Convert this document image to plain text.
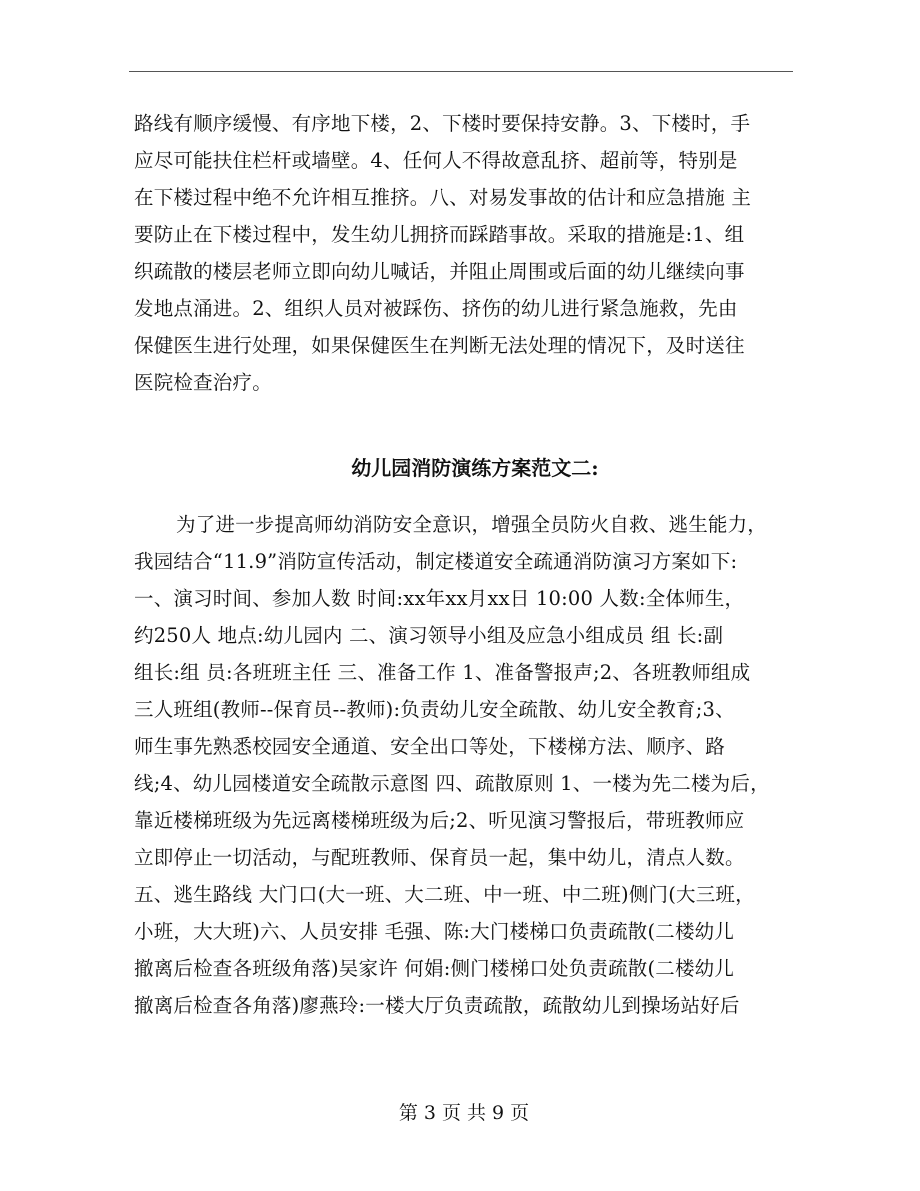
路线有顺序缓慢、有序地下楼，2、下楼时要保持安静。3、下楼时，手
应尽可能扶住栏杆或墙壁。4、任何人不得故意乱挤、超前等，特别是
在下楼过程中绝不允许相互推挤。八、对易发事故的估计和应急措施 主
要防止在下楼过程中，发生幼儿拥挤而踩踏事故。采取的措施是:1、组
织疏散的楼层老师立即向幼儿喊话，并阻止周围或后面的幼儿继续向事
发地点涌进。2、组织人员对被踩伤、挤伤的幼儿进行紧急施救，先由
保健医生进行处理，如果保健医生在判断无法处理的情况下，及时送往
医院检查治疗。
幼儿园消防演练方案范文二:
为了进一步提高师幼消防安全意识，增强全员防火自救、逃生能力，
我园结合“11.9”消防宣传活动，制定楼道安全疏通消防演习方案如下:
一、演习时间、参加人数 时间:xx年xx月xx日 10:00 人数:全体师生，
约250人 地点:幼儿园内 二、演习领导小组及应急小组成员 组 长:副
组长:组 员:各班班主任 三、准备工作 1、准备警报声;2、各班教师组成
三人班组(教师--保育员--教师):负责幼儿安全疏散、幼儿安全教育;3、
师生事先熟悉校园安全通道、安全出口等处，下楼梯方法、顺序、路
线;4、幼儿园楼道安全疏散示意图 四、疏散原则 1、一楼为先二楼为后，
靠近楼梯班级为先远离楼梯班级为后;2、听见演习警报后，带班教师应
立即停止一切活动，与配班教师、保育员一起，集中幼儿，清点人数。
五、逃生路线 大门口(大一班、大二班、中一班、中二班)侧门(大三班，
小班，大大班)六、人员安排 毛强、陈:大门楼梯口负责疏散(二楼幼儿
撤离后检查各班级角落)吴家许 何娟:侧门楼梯口处负责疏散(二楼幼儿
撤离后检查各角落)廖燕玲:一楼大厅负责疏散，疏散幼儿到操场站好后
第 3 页 共 9 页
